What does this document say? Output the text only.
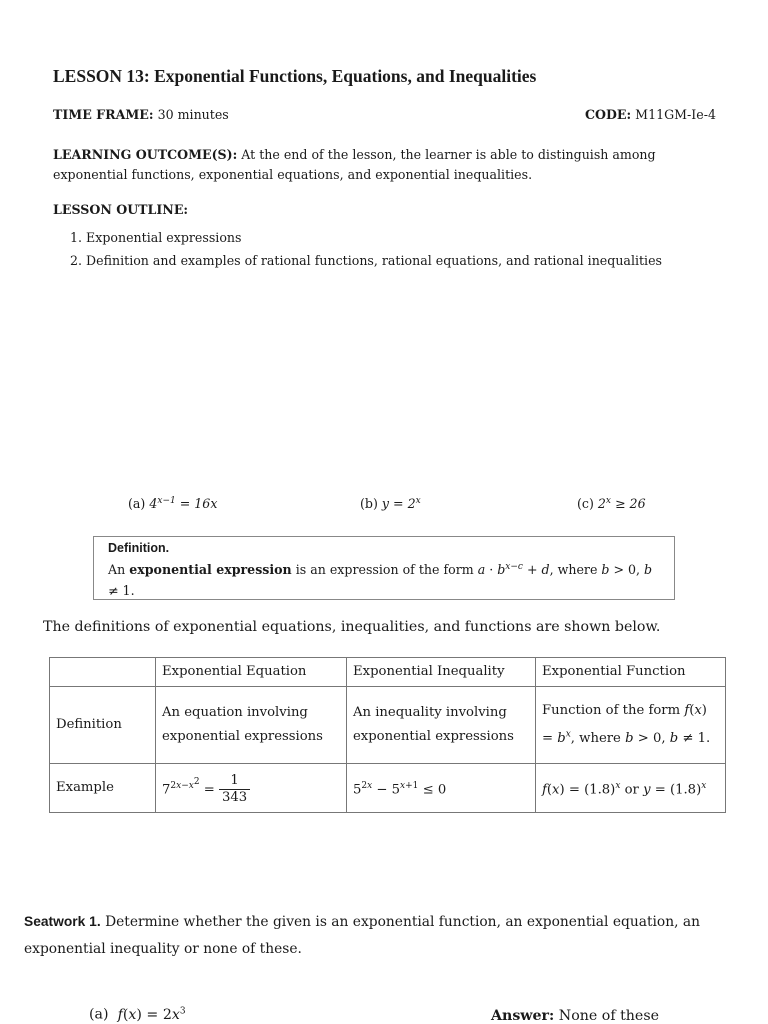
LESSON 13: Exponential Functions, Equations, and Inequalities
TIME FRAME: 30 minutes	CODE: M11GM-Ie-4
LEARNING OUTCOME(S): At the end of the lesson, the learner is able to distinguish among exponential functions, exponential equations, and exponential inequalities.
LESSON OUTLINE:
1. Exponential expressions
2. Definition and examples of rational functions, rational equations, and rational inequalities
(a) $4^{x-1} = 16x$	(b) $y = 2^x$	(c) $2^x \ge 26$
Definition.
An exponential expression is an expression of the form $a \cdot b^{x-c} + d$, where b > 0, b ≠ 1.
The definitions of exponential equations, inequalities, and functions are shown below.
	Exponential Equation	Exponential Inequality	Exponential Function
Definition	An equation involving exponential expressions	An inequality involving exponential expressions	Function of the form $f(x) = b^x$, where b > 0, b ≠ 1.
Example	$7^{2x-x^2} = \frac{1}{343}$	$5^{2x} - 5^{x+1} \le 0$	$f(x) = (1.8)^x$ or $y = (1.8)^x$
Seatwork 1. Determine whether the given is an exponential function, an exponential equation, an exponential inequality or none of these.
(a) $f(x) = 2x^3$	Answer: None of these
